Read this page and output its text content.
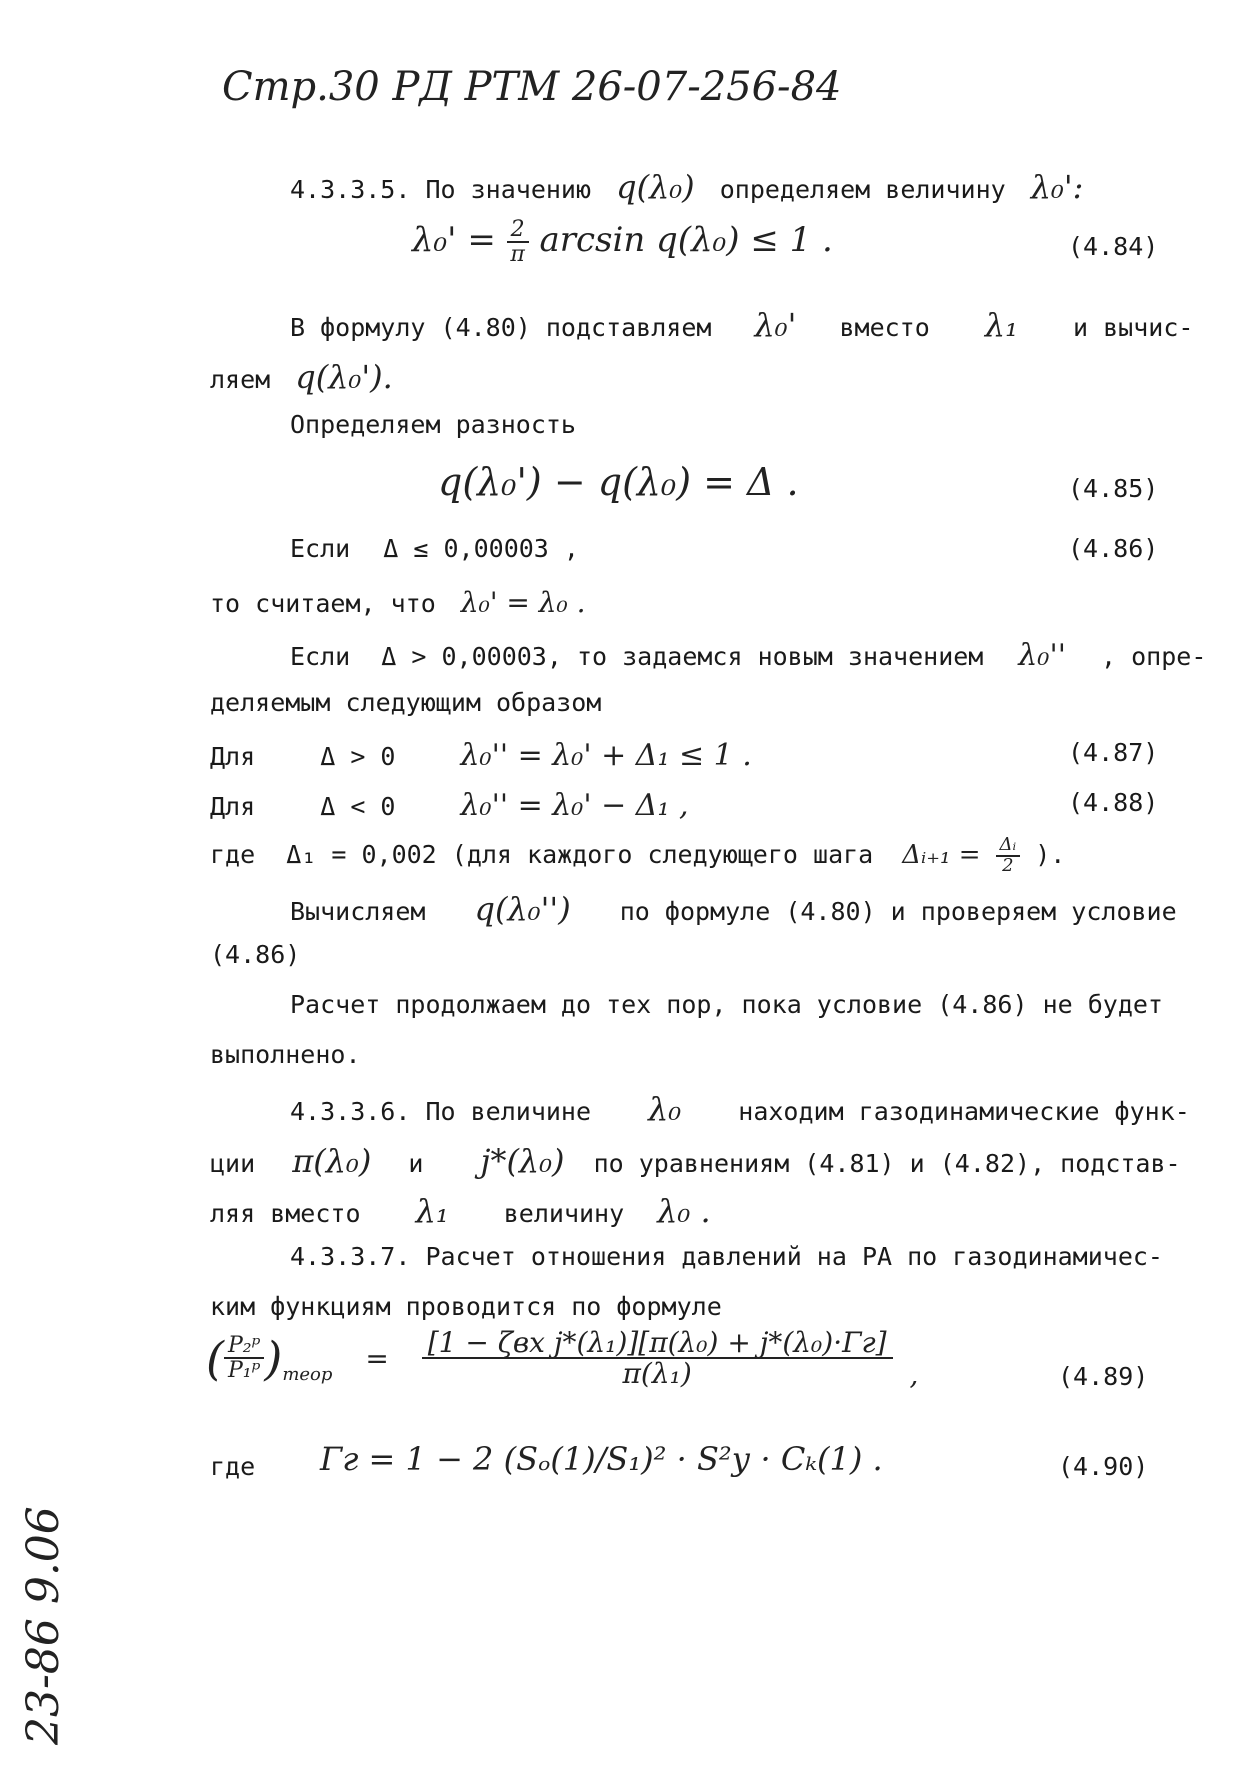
Стр.30 РД РТМ 26-07-256-84
4.3.3.5. По значению q(λ₀) определяем величину λ₀':
$\lambda_0' = \frac{2}{\pi}$ arcsin q(λ₀) ≤ 1 .	(4.84)
В формулу (4.80) подставляем λ₀' вместо λ₁ и вычис-
ляем q(λ₀').
Определяем разность
q(λ₀') − q(λ₀) = Δ .	(4.85)
Если Δ ≤ 0,00003 ,	(4.86)
то считаем, что λ₀' = λ₀ .
Если Δ > 0,00003, то задаемся новым значением λ₀'' , опре-
деляемым следующим образом
Для	Δ > 0 λ₀'' = λ₀' + Δ₁ ≤ 1 .	(4.87)
Для	Δ < 0 λ₀'' = λ₀' − Δ₁ ,	(4.88)
где Δ₁ = 0,002 (для каждого следующего шага Δᵢ₊₁ = $\frac{\text{Δᵢ}}{2}$ ).
Вычисляем q(λ₀'') по формуле (4.80) и проверяем условие
(4.86)
Расчет продолжаем до тех пор, пока условие (4.86) не будет
выполнено.
4.3.3.6. По величине λ₀ находим газодинамические функ-
ции π(λ₀) и j*(λ₀) по уравнениям (4.81) и (4.82), подстав-
ляя вместо λ₁ величину λ₀ .
4.3.3.7. Расчет отношения давлений на РА по газодинамичес-
ким функциям проводится по формуле
( $\frac{\text{P₂ᵖ}}{\text{P₁ᵖ}} )_{теор} = \frac{\text{[1 − ζвх j*(λ₁)][π(λ₀) + j*(λ₀)·Γг]}}{\text{π(λ₁)}}$ ,	(4.89)
где Γг = 1 − 2 (Sₒ(1)/S₁)² · S²у · Cₖ(1) .	(4.90)
23-86 9.06
